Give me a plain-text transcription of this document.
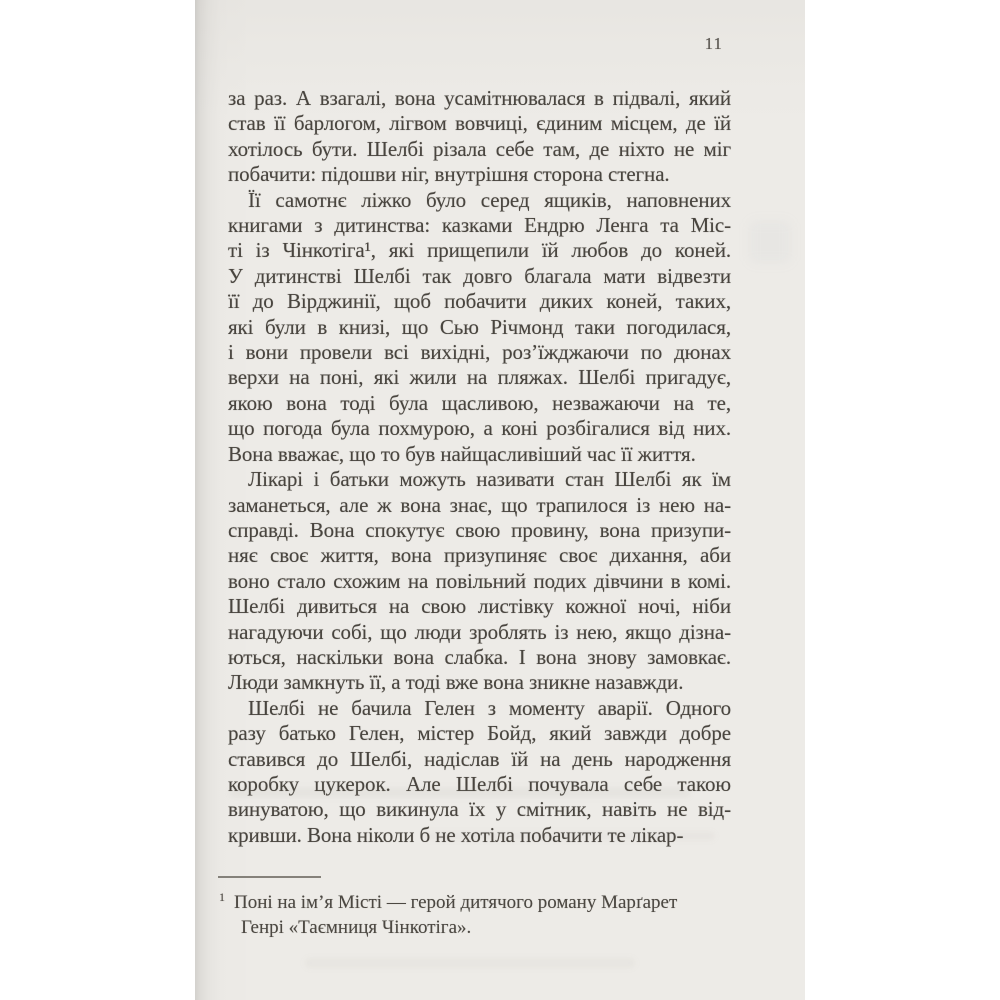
11
за раз. А взагалі, вона усамітнювалася в підвалі, який
став її барлогом, лігвом вовчиці, єдиним місцем, де їй
хотілось бути. Шелбі різала себе там, де ніхто не міг
побачити: підошви ніг, внутрішня сторона стегна.
Її самотнє ліжко було серед ящиків, наповнених
книгами з дитинства: казками Ендрю Ленга та Міс-
ті із Чінкотіга¹, які прищепили їй любов до коней.
У дитинстві Шелбі так довго благала мати відвезти
її до Вірджинії, щоб побачити диких коней, таких,
які були в книзі, що Сью Річмонд таки погодилася,
і вони провели всі вихідні, роз’їжджаючи по дюнах
верхи на поні, які жили на пляжах. Шелбі пригадує,
якою вона тоді була щасливою, незважаючи на те,
що погода була похмурою, а коні розбігалися від них.
Вона вважає, що то був найщасливіший час її життя.
Лікарі і батьки можуть називати стан Шелбі як їм
заманеться, але ж вона знає, що трапилося із нею на-
справді. Вона спокутує свою провину, вона призупи-
няє своє життя, вона призупиняє своє дихання, аби
воно стало схожим на повільний подих дівчини в комі.
Шелбі дивиться на свою листівку кожної ночі, ніби
нагадуючи собі, що люди зроблять із нею, якщо дізна-
ються, наскільки вона слабка. І вона знову замовкає.
Люди замкнуть її, а тоді вже вона зникне назавжди.
Шелбі не бачила Гелен з моменту аварії. Одного
разу батько Гелен, містер Бойд, який завжди добре
ставився до Шелбі, надіслав їй на день народження
коробку цукерок. Але Шелбі почувала себе такою
винуватою, що викинула їх у смітник, навіть не від-
кривши. Вона ніколи б не хотіла побачити те лікар-
$^1$ Поні на ім’я Місті — герой дитячого роману Марґарет
Генрі «Таємниця Чінкотіга».
